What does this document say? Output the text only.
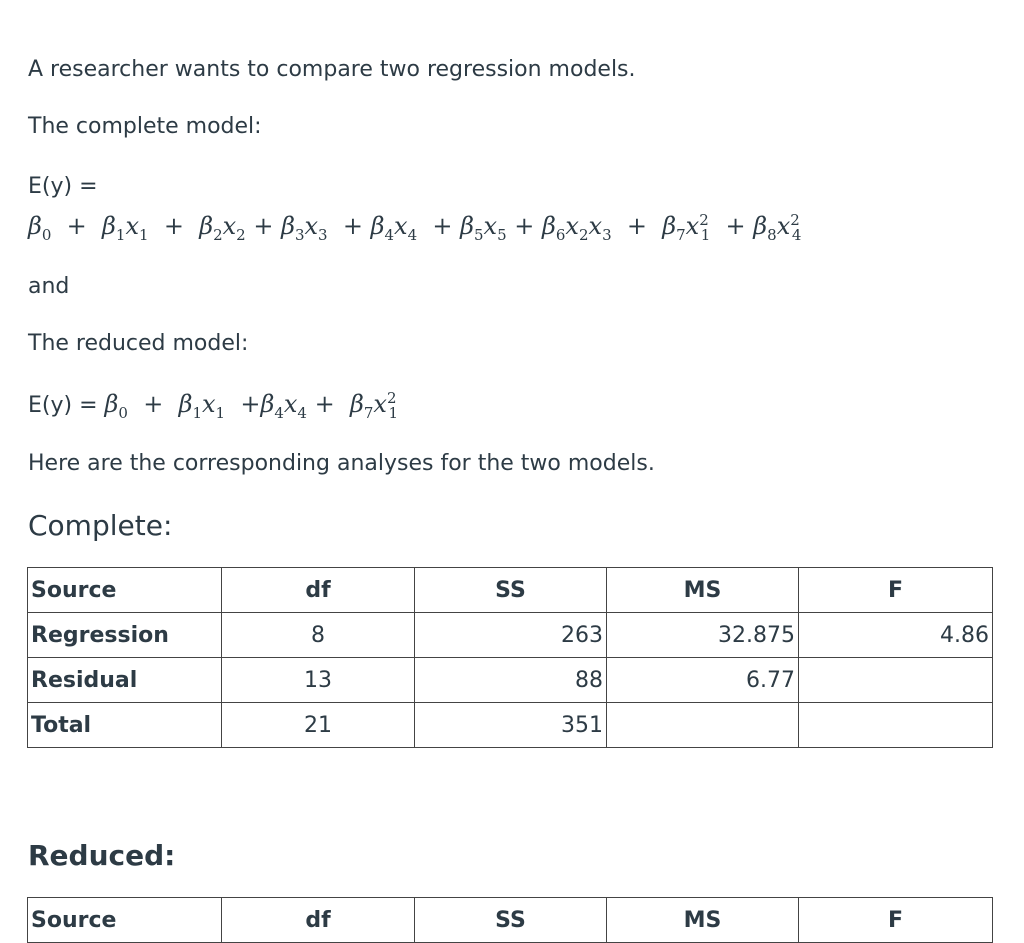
A researcher wants to compare two regression models.

The complete model:

E(y) =

$\beta_0 + \beta_1x_1 + \beta_2x_2 + \beta_3x_3 + \beta_4x_4 + \beta_5x_5 + \beta_6x_2x_3 + \beta_7x^2_1 + \beta_8x^2_4$

and

The reduced model:

$E(y) = \beta_0 + \beta_1x_1 +\beta_4x_4 + \beta_7x^2_1$

Here are the corresponding analyses for the two models.

Complete:
Source	df	SS	MS	F
Regression	8	263	32.875	4.86
Residual	13	88	6.77	
Total	21	351		
Reduced:
Source	df	SS	MS	F
